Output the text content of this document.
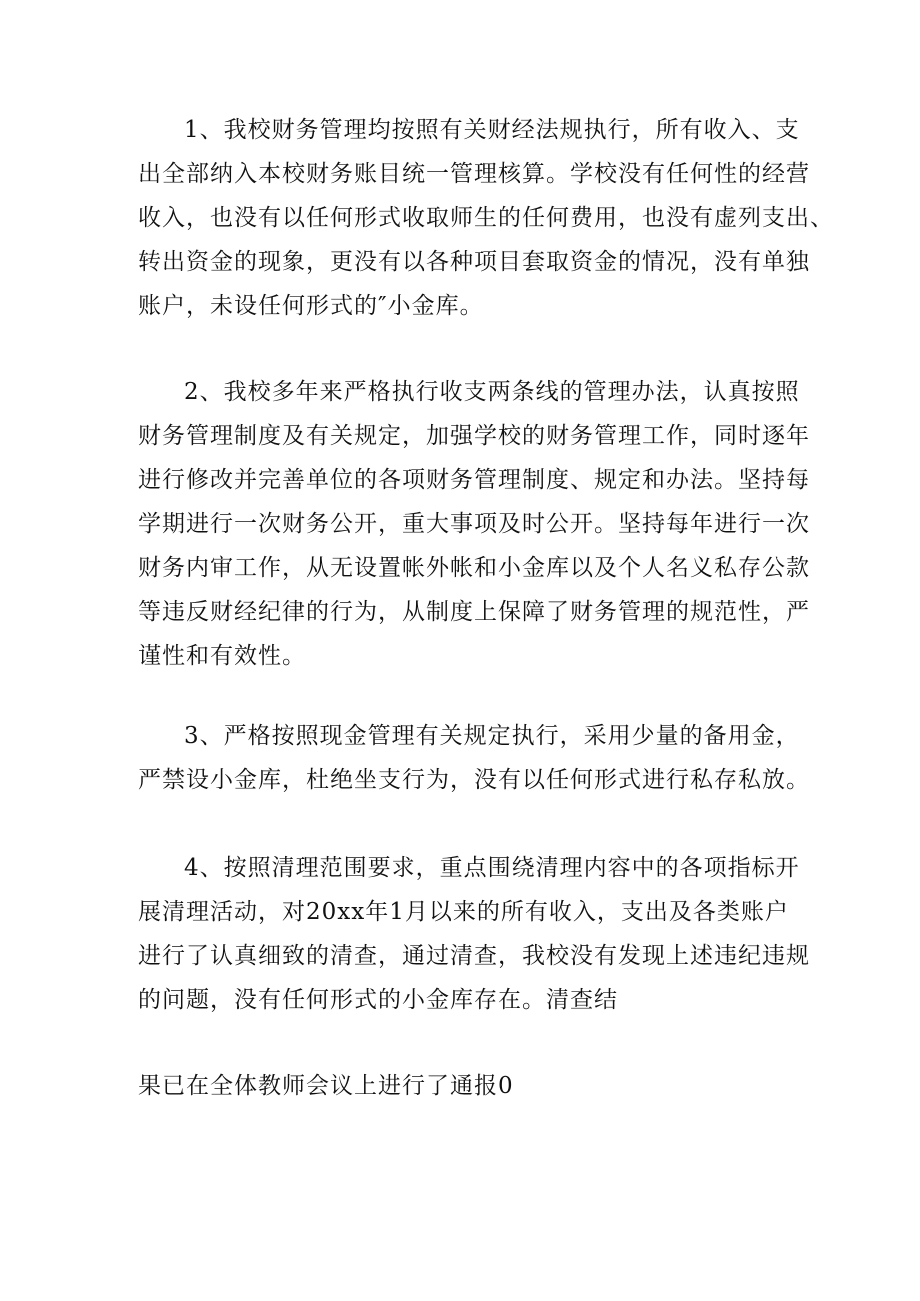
1、我校财务管理均按照有关财经法规执行，所有收入、支
出全部纳入本校财务账目统一管理核算。学校没有任何性的经营
收入，也没有以任何形式收取师生的任何费用，也没有虚列支出、
转出资金的现象，更没有以各种项目套取资金的情况，没有单独
账户，未设任何形式的″小金库。
2、我校多年来严格执行收支两条线的管理办法，认真按照
财务管理制度及有关规定，加强学校的财务管理工作，同时逐年
进行修改并完善单位的各项财务管理制度、规定和办法。坚持每
学期进行一次财务公开，重大事项及时公开。坚持每年进行一次
财务内审工作，从无设置帐外帐和小金库以及个人名义私存公款
等违反财经纪律的行为，从制度上保障了财务管理的规范性，严
谨性和有效性。
3、严格按照现金管理有关规定执行，采用少量的备用金，
严禁设小金库，杜绝坐支行为，没有以任何形式进行私存私放。
4、按照清理范围要求，重点围绕清理内容中的各项指标开
展清理活动，对20xx年1月以来的所有收入，支出及各类账户
进行了认真细致的清查，通过清查，我校没有发现上述违纪违规
的问题，没有任何形式的小金库存在。清查结
果已在全体教师会议上进行了通报0
